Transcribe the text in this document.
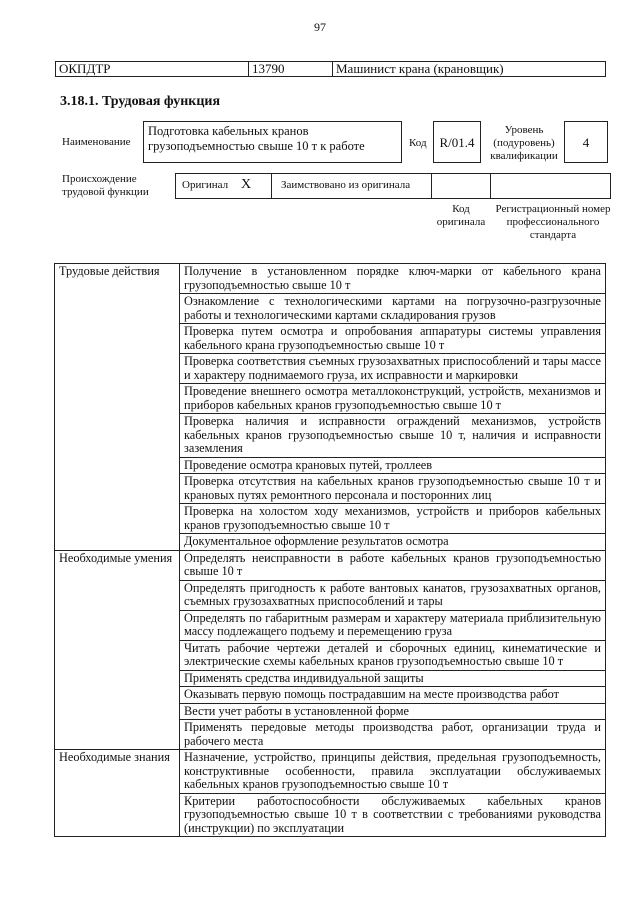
97
ОКПДТР	13790	Машинист крана (крановщик)
3.18.1. Трудовая функция
Наименование
Подготовка кабельных кранов грузоподъемностью свыше 10 т к работе	Код R/01.4
Уровень (подуровень) квалификации
4
Происхождение трудовой функции
Оригинал X	Заимствовано из оригинала
Код оригинала
Регистрационный номер профессионального стандарта
Трудовые действия	Получение в установленном порядке ключ-марки от кабельного крана грузоподъемностью свыше 10 т
	Ознакомление с технологическими картами на погрузочно-разгрузочные работы и технологическими картами складирования грузов
	Проверка путем осмотра и опробования аппаратуры системы управления кабельного крана грузоподъемностью свыше 10 т
	Проверка соответствия съемных грузозахватных приспособлений и тары массе и характеру поднимаемого груза, их исправности и маркировки
	Проведение внешнего осмотра металлоконструкций, устройств, механизмов и приборов кабельных кранов грузоподъемностью свыше 10 т
	Проверка наличия и исправности ограждений механизмов, устройств кабельных кранов грузоподъемностью свыше 10 т, наличия и исправности заземления
	Проведение осмотра крановых путей, троллеев
	Проверка отсутствия на кабельных кранов грузоподъемностью свыше 10 т и крановых путях ремонтного персонала и посторонних лиц
	Проверка на холостом ходу механизмов, устройств и приборов кабельных кранов грузоподъемностью свыше 10 т
	Документальное оформление результатов осмотра
Необходимые умения	Определять неисправности в работе кабельных кранов грузоподъемностью свыше 10 т
	Определять пригодность к работе вантовых канатов, грузозахватных органов, съемных грузозахватных приспособлений и тары
	Определять по габаритным размерам и характеру материала приблизительную массу подлежащего подъему и перемещению груза
	Читать рабочие чертежи деталей и сборочных единиц, кинематические и электрические схемы кабельных кранов грузоподъемностью свыше 10 т
	Применять средства индивидуальной защиты
	Оказывать первую помощь пострадавшим на месте производства работ
	Вести учет работы в установленной форме
	Применять передовые методы производства работ, организации труда и рабочего места
Необходимые знания	Назначение, устройство, принципы действия, предельная грузоподъемность, конструктивные особенности, правила эксплуатации обслуживаемых кабельных кранов грузоподъемностью свыше 10 т
	Критерии работоспособности обслуживаемых кабельных кранов грузоподъемностью свыше 10 т в соответствии с требованиями руководства (инструкции) по эксплуатации
